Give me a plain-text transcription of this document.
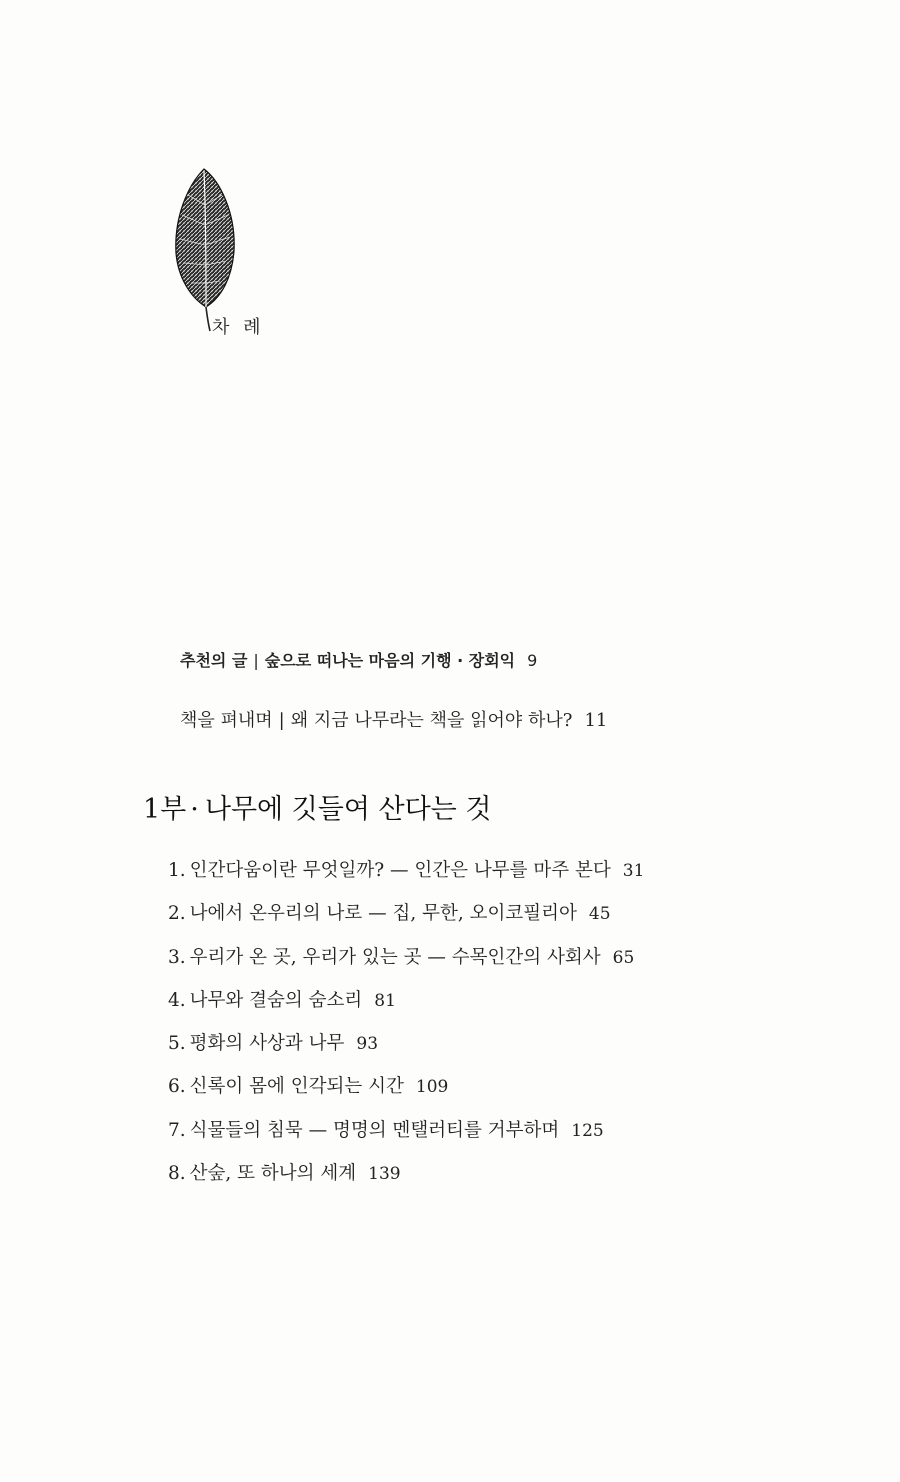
차 례
추천의 글 | 숲으로 떠나는 마음의 기행 · 장회익 9
책을 펴내며 | 왜 지금 나무라는 책을 읽어야 하나? 11
1부 · 나무에 깃들여 산다는 것
1. 인간다움이란 무엇일까? — 인간은 나무를 마주 본다 31
2. 나에서 온우리의 나로 — 집, 무한, 오이코필리아 45
3. 우리가 온 곳, 우리가 있는 곳 — 수목인간의 사회사 65
4. 나무와 결숨의 숨소리 81
5. 평화의 사상과 나무 93
6. 신록이 몸에 인각되는 시간 109
7. 식물들의 침묵 — 명명의 멘탤러티를 거부하며 125
8. 산숲, 또 하나의 세계 139
